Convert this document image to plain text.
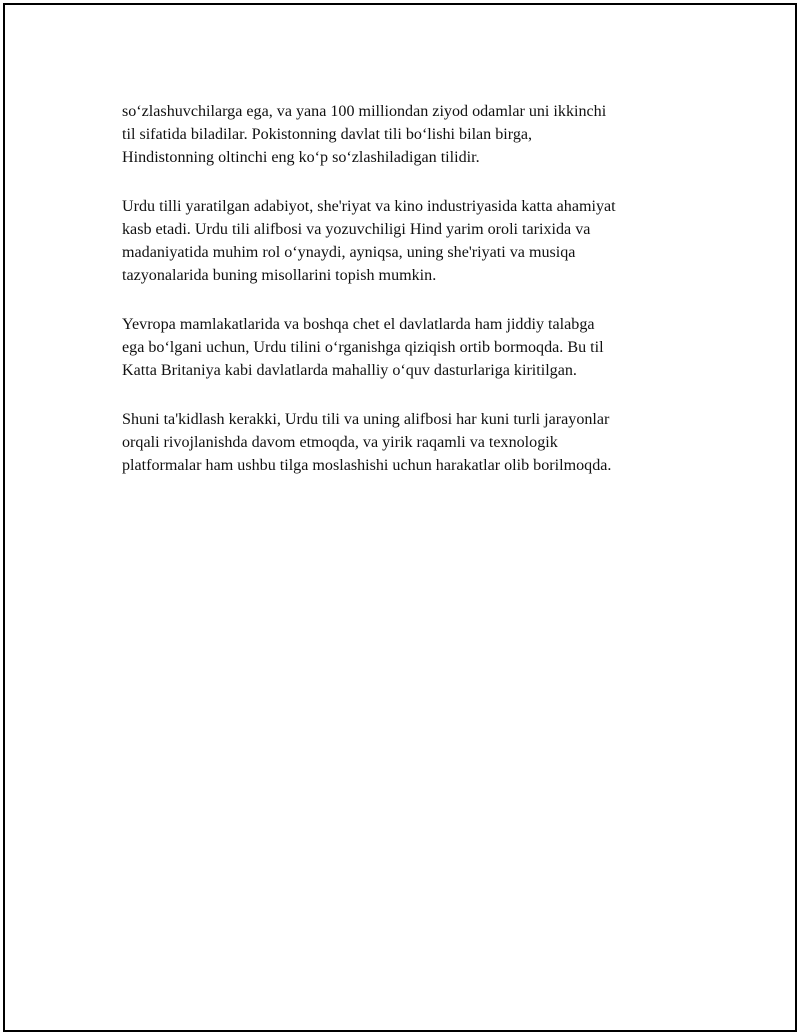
so‘zlashuvchilarga ega, va yana 100 milliondan ziyod odamlar uni ikkinchi
til sifatida biladilar. Pokistonning davlat tili bo‘lishi bilan birga,
Hindistonning oltinchi eng ko‘p so‘zlashiladigan tilidir.

Urdu tilli yaratilgan adabiyot, she'riyat va kino industriyasida katta ahamiyat
kasb etadi. Urdu tili alifbosi va yozuvchiligi Hind yarim oroli tarixida va
madaniyatida muhim rol o‘ynaydi, ayniqsa, uning she'riyati va musiqa
tazyonalarida buning misollarini topish mumkin.

Yevropa mamlakatlarida va boshqa chet el davlatlarda ham jiddiy talabga
ega bo‘lgani uchun, Urdu tilini o‘rganishga qiziqish ortib bormoqda. Bu til
Katta Britaniya kabi davlatlarda mahalliy o‘quv dasturlariga kiritilgan.

Shuni ta'kidlash kerakki, Urdu tili va uning alifbosi har kuni turli jarayonlar
orqali rivojlanishda davom etmoqda, va yirik raqamli va texnologik
platformalar ham ushbu tilga moslashishi uchun harakatlar olib borilmoqda.
